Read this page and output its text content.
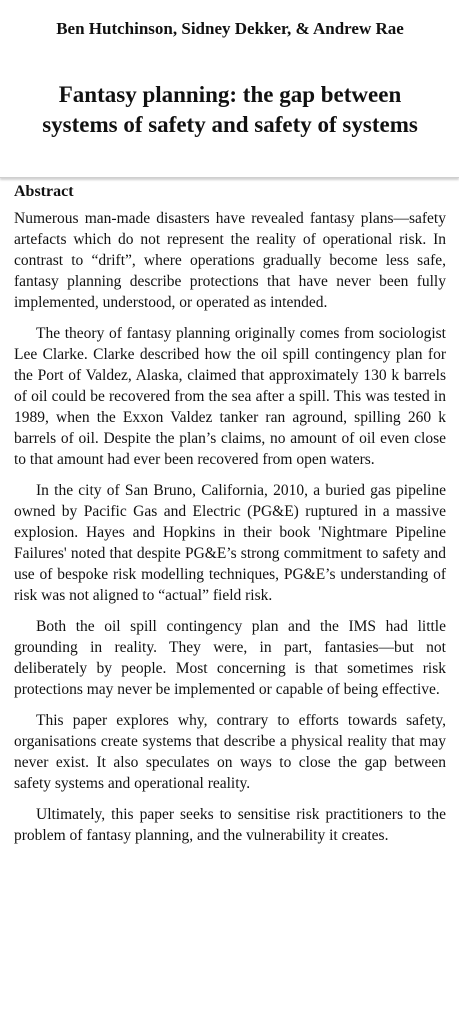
Ben Hutchinson, Sidney Dekker, & Andrew Rae
Fantasy planning: the gap between systems of safety and safety of systems
Abstract

Numerous man-made disasters have revealed fantasy plans—safety artefacts which do not represent the reality of operational risk. In contrast to “drift”, where operations gradually become less safe, fantasy planning describe protections that have never been fully implemented, understood, or operated as intended.

The theory of fantasy planning originally comes from sociologist Lee Clarke. Clarke described how the oil spill contingency plan for the Port of Valdez, Alaska, claimed that approximately 130 k barrels of oil could be recovered from the sea after a spill. This was tested in 1989, when the Exxon Valdez tanker ran aground, spilling 260 k barrels of oil. Despite the plan’s claims, no amount of oil even close to that amount had ever been recovered from open waters.

In the city of San Bruno, California, 2010, a buried gas pipeline owned by Pacific Gas and Electric (PG&E) ruptured in a massive explosion. Hayes and Hopkins in their book 'Nightmare Pipeline Failures' noted that despite PG&E’s strong commitment to safety and use of bespoke risk modelling techniques, PG&E’s understanding of risk was not aligned to “actual” field risk.

Both the oil spill contingency plan and the IMS had little grounding in reality. They were, in part, fantasies—but not deliberately by people. Most concerning is that sometimes risk protections may never be implemented or capable of being effective.

This paper explores why, contrary to efforts towards safety, organisations create systems that describe a physical reality that may never exist. It also speculates on ways to close the gap between safety systems and operational reality.

Ultimately, this paper seeks to sensitise risk practitioners to the problem of fantasy planning, and the vulnerability it creates.
